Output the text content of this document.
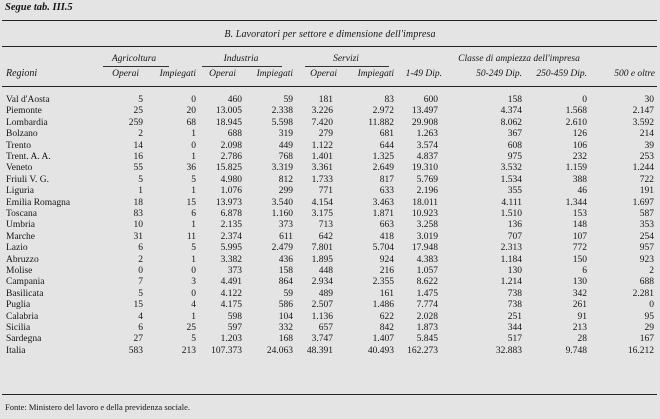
Segue tab. III.5
B. Lavoratori per settore e dimensione dell'impresa
Agricoltura	Industria	Servizi	Classe di ampiezza dell'impresa
Regioni	Operai Impiegati Operai Impiegati Operai Impiegati 1-49 Dip.	50-249 Dip. 250-459 Dip.	500 e oltre
Val d'Aosta	5	0	460	59	181	83	600	158	0	30
Piemonte	25	20 13.005	2.338 3.226	2.972 13.497	4.374	1.568	2.147
Lombardia	259	68 18.945	5.598 7.420	11.882 29.908	8.062	2.610	3.592
Bolzano	2	1	688	319	279	681 1.263	367	126	214
Trento	14	0	2.098	449 1.122	644 3.574	608	106	39
Trent. A. A.	16	1	2.786	768 1.401	1.325 4.837	975	232	253
Veneto	55	36 15.825	3.319 3.361	2.649 19.310	3.532	1.159	1.244
Friuli V. G.	5	5	4.980	812 1.733	817 5.769	1.534	388	722
Liguria	1	1	1.076	299	771	633 2.196	355	46	191
Emilia Romagna	18	15 13.973	3.540 4.154	3.463 18.011	4.111	1.344	1.697
Toscana	83	6	6.878	1.160 3.175	1.871 10.923	1.510	153	587
Umbria	10	1	2.135	373	713	663 3.258	136	148	353
Marche	31	11	2.374	611	642	418 3.019	707	107	254
Lazio	6	5	5.995	2.479 7.801	5.704 17.948	2.313	772	957
Abruzzo	2	1	3.382	436 1.895	924 4.383	1.184	150	923
Molise	0	0	373	158	448	216 1.057	130	6	2
Campania	7	3	4.491	864 2.934	2.355 8.622	1.214	130	688
Basilicata	5	0	4.122	59	489	161 1.475	738	342	2.281
Puglia	15	4	4.175	586 2.507	1.486 7.774	738	261	0
Calabria	4	1	598	104 1.136	622 2.028	251	91	95
Sicilia	6	25	597	332	657	842 1.873	344	213	29
Sardegna	27	5	1.203	168 3.747	1.407 5.845	517	28	167
Italia	583	213 107.373	24.063 48.391	40.493 162.273	32.883	9.748	16.212
Fonte: Ministero del lavoro e della previdenza sociale.
